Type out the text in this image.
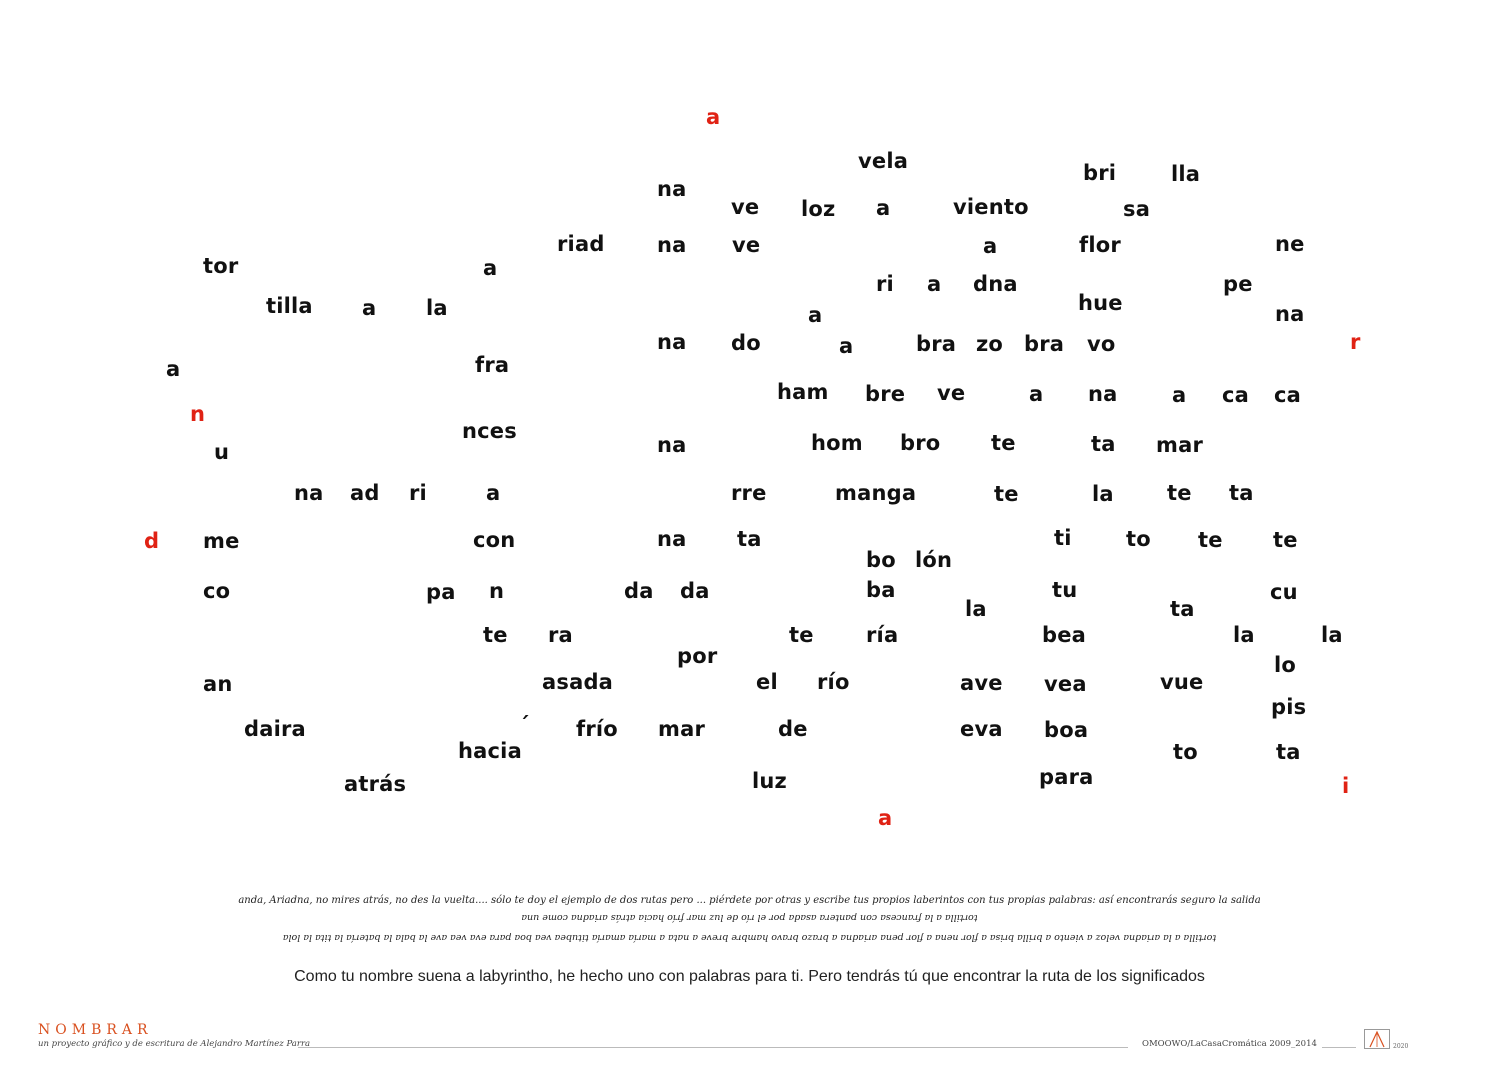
a
vela	bri	lla
na
ve loz a	viento	sa
riad na ve	a	flor	ne
tor	a
ri a dna	pe
tilla a la	hue
a	na
na do	a	bra zo bra vo	r
a	fra
ham bre ve	a na	a ca ca
n
nces
u	na	hom bro te	ta mar
na ad ri	a	rre	manga	te	la	te ta
d me	con	na ta	ti	to te te
bo lón
co	pa n	da da	ba	tu	cu
la	ta
te ra	te ría	bea	la	la
por	lo
an	asada	el río	ave vea	vue
pis
daira	´ frío mar	de	eva boa
hacia	to	ta
para
luz
atrás	i
a
anda, Ariadna, no mires atrás, no des la vuelta.... sólo te doy el ejemplo de dos rutas pero ... piérdete por otras y escribe tus propios laberintos con tus propias palabras: así encontrarás seguro la salida
tortilla a la francesa con pantera asada por el río de luz mar frío hacia atrás ariadna come una
tortilla a la ariadna veloz a viento a brilla brisa a flor nena a flor pena ariadna a brazo bravo hambre breve a nata a maría amaría titubea vea boa para eva vea ave la bala la batería la tita la lola
Como tu nombre suena a labyrintho, he hecho uno con palabras para ti. Pero tendrás tú que encontrar la ruta de los significados
NOMBRAR
un proyecto gráfico y de escritura de Alejandro Martínez Parra	OMOOWO/LaCasaCromática 2009_2014	2020
